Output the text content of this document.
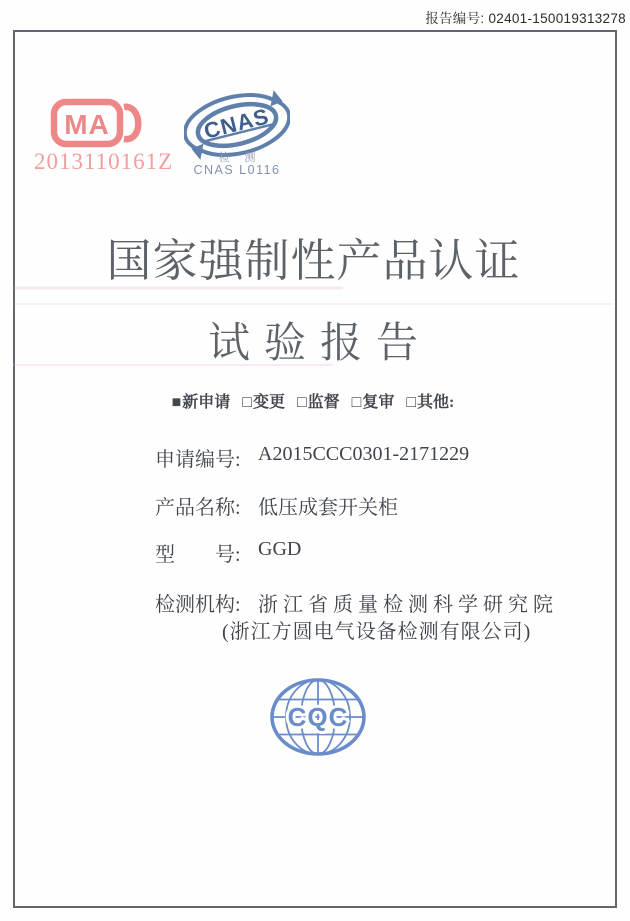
报告编号: 02401-150019313278
MA
2013110161Z
CNAS
检 测
CNAS L0116
国家强制性产品认证
试验报告
■新申请 □变更 □监督 □复审 □其他:
申请编号: A2015CCC0301-2171229
产品名称: 低压成套开关柜
型　　号: GGD
检测机构: 浙江省质量检测科学研究院
(浙江方圆电气设备检测有限公司)
CQC
